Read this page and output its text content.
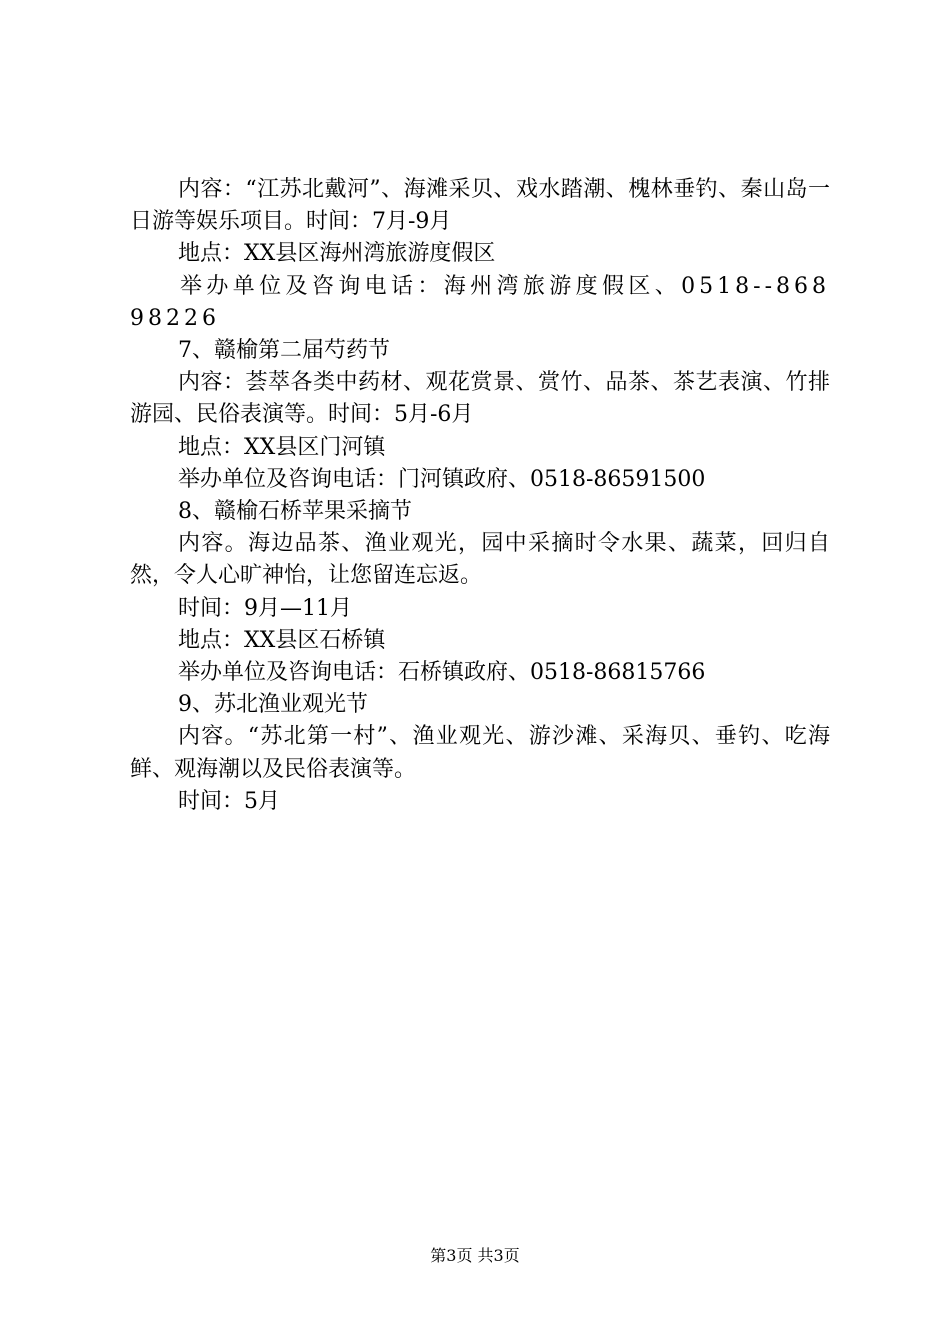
内容：“江苏北戴河”、海滩采贝、戏水踏潮、槐林垂钓、秦山岛一日游等娱乐项目。时间：7月-9月

地点：XX县区海州湾旅游度假区

举办单位及咨询电话：海州湾旅游度假区、0518--86898226

7、赣榆第二届芍药节

内容：荟萃各类中药材、观花赏景、赏竹、品茶、茶艺表演、竹排游园、民俗表演等。时间：5月-6月

地点：XX县区门河镇

举办单位及咨询电话：门河镇政府、0518-86591500

8、赣榆石桥苹果采摘节

内容。海边品茶、渔业观光，园中采摘时令水果、蔬菜，回归自然，令人心旷神怡，让您留连忘返。

时间：9月—11月

地点：XX县区石桥镇

举办单位及咨询电话：石桥镇政府、0518-86815766

9、苏北渔业观光节

内容。“苏北第一村”、渔业观光、游沙滩、采海贝、垂钓、吃海鲜、观海潮以及民俗表演等。

时间：5月

第3页 共3页
